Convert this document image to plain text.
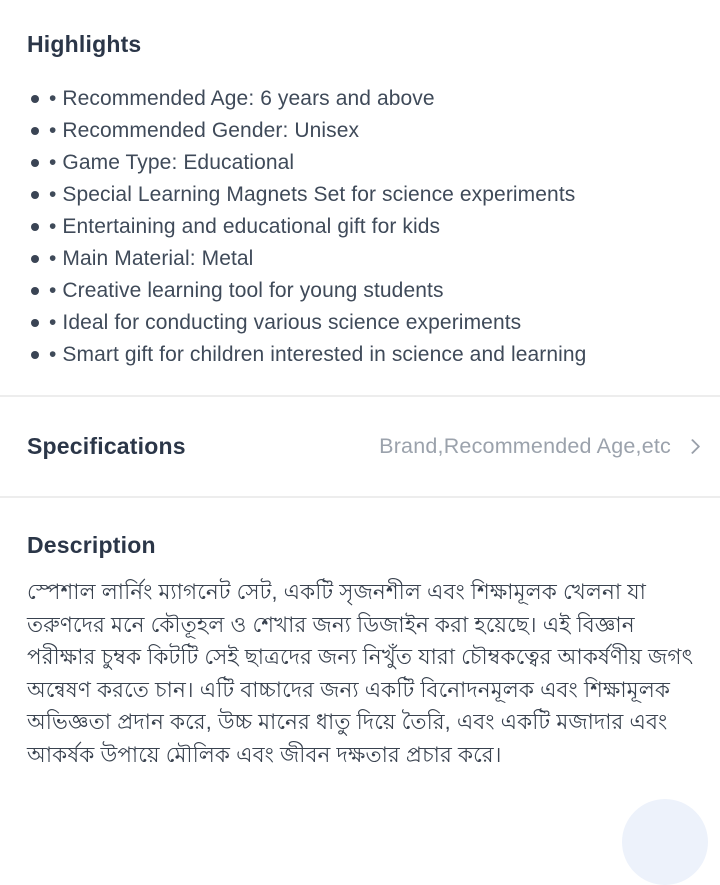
Highlights
• Recommended Age: 6 years and above
• Recommended Gender: Unisex
• Game Type: Educational
• Special Learning Magnets Set for science experiments
• Entertaining and educational gift for kids
• Main Material: Metal
• Creative learning tool for young students
• Ideal for conducting various science experiments
• Smart gift for children interested in science and learning
Specifications	Brand,Recommended Age,etc
Description

স্পেশাল লার্নিং ম্যাগনেট সেট, একটি সৃজনশীল এবং শিক্ষামূলক খেলনা যা তরুণদের মনে কৌতূহল ও শেখার জন্য ডিজাইন করা হয়েছে। এই বিজ্ঞান পরীক্ষার চুম্বক কিটটি সেই ছাত্রদের জন্য নিখুঁত যারা চৌম্বকত্বের আকর্ষণীয় জগৎ অন্বেষণ করতে চান। এটি বাচ্চাদের জন্য একটি বিনোদনমূলক এবং শিক্ষামূলক অভিজ্ঞতা প্রদান করে, উচ্চ মানের ধাতু দিয়ে তৈরি, এবং একটি মজাদার এবং আকর্ষক উপায়ে মৌলিক এবং জীবন দক্ষতার প্রচার করে।
